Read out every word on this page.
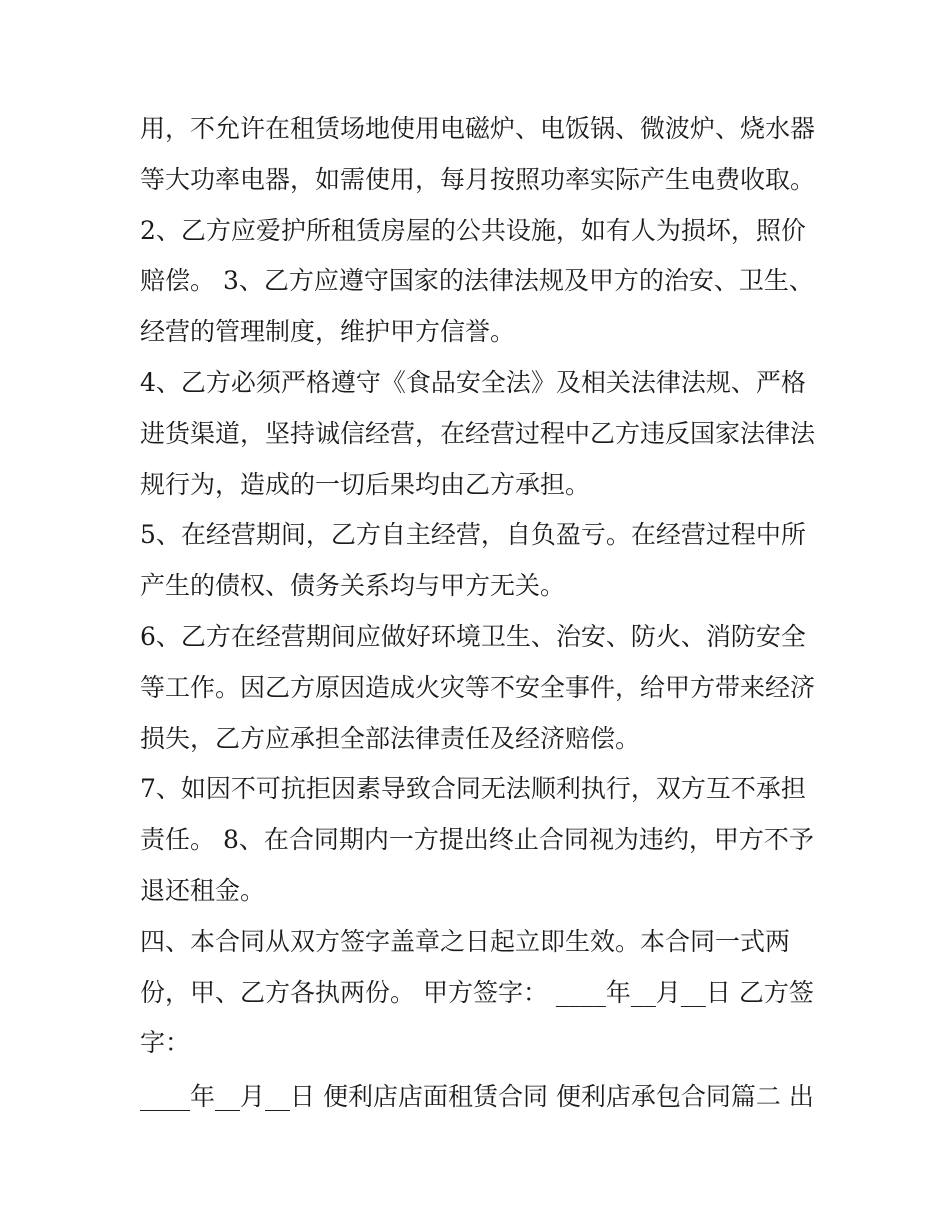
用，不允许在租赁场地使用电磁炉、电饭锅、微波炉、烧水器
等大功率电器，如需使用，每月按照功率实际产生电费收取。
2、乙方应爱护所租赁房屋的公共设施，如有人为损坏，照价
赔偿。 3、乙方应遵守国家的法律法规及甲方的治安、卫生、
经营的管理制度，维护甲方信誉。
4、乙方必须严格遵守《食品安全法》及相关法律法规、严格
进货渠道，坚持诚信经营，在经营过程中乙方违反国家法律法
规行为，造成的一切后果均由乙方承担。
5、在经营期间，乙方自主经营，自负盈亏。在经营过程中所
产生的债权、债务关系均与甲方无关。
6、乙方在经营期间应做好环境卫生、治安、防火、消防安全
等工作。因乙方原因造成火灾等不安全事件，给甲方带来经济
损失，乙方应承担全部法律责任及经济赔偿。
7、如因不可抗拒因素导致合同无法顺利执行，双方互不承担
责任。 8、在合同期内一方提出终止合同视为违约，甲方不予
退还租金。
四、本合同从双方签字盖章之日起立即生效。本合同一式两
份，甲、乙方各执两份。 甲方签字： ____年__月__日 乙方签
字：
____年__月__日 便利店店面租赁合同 便利店承包合同篇二 出
